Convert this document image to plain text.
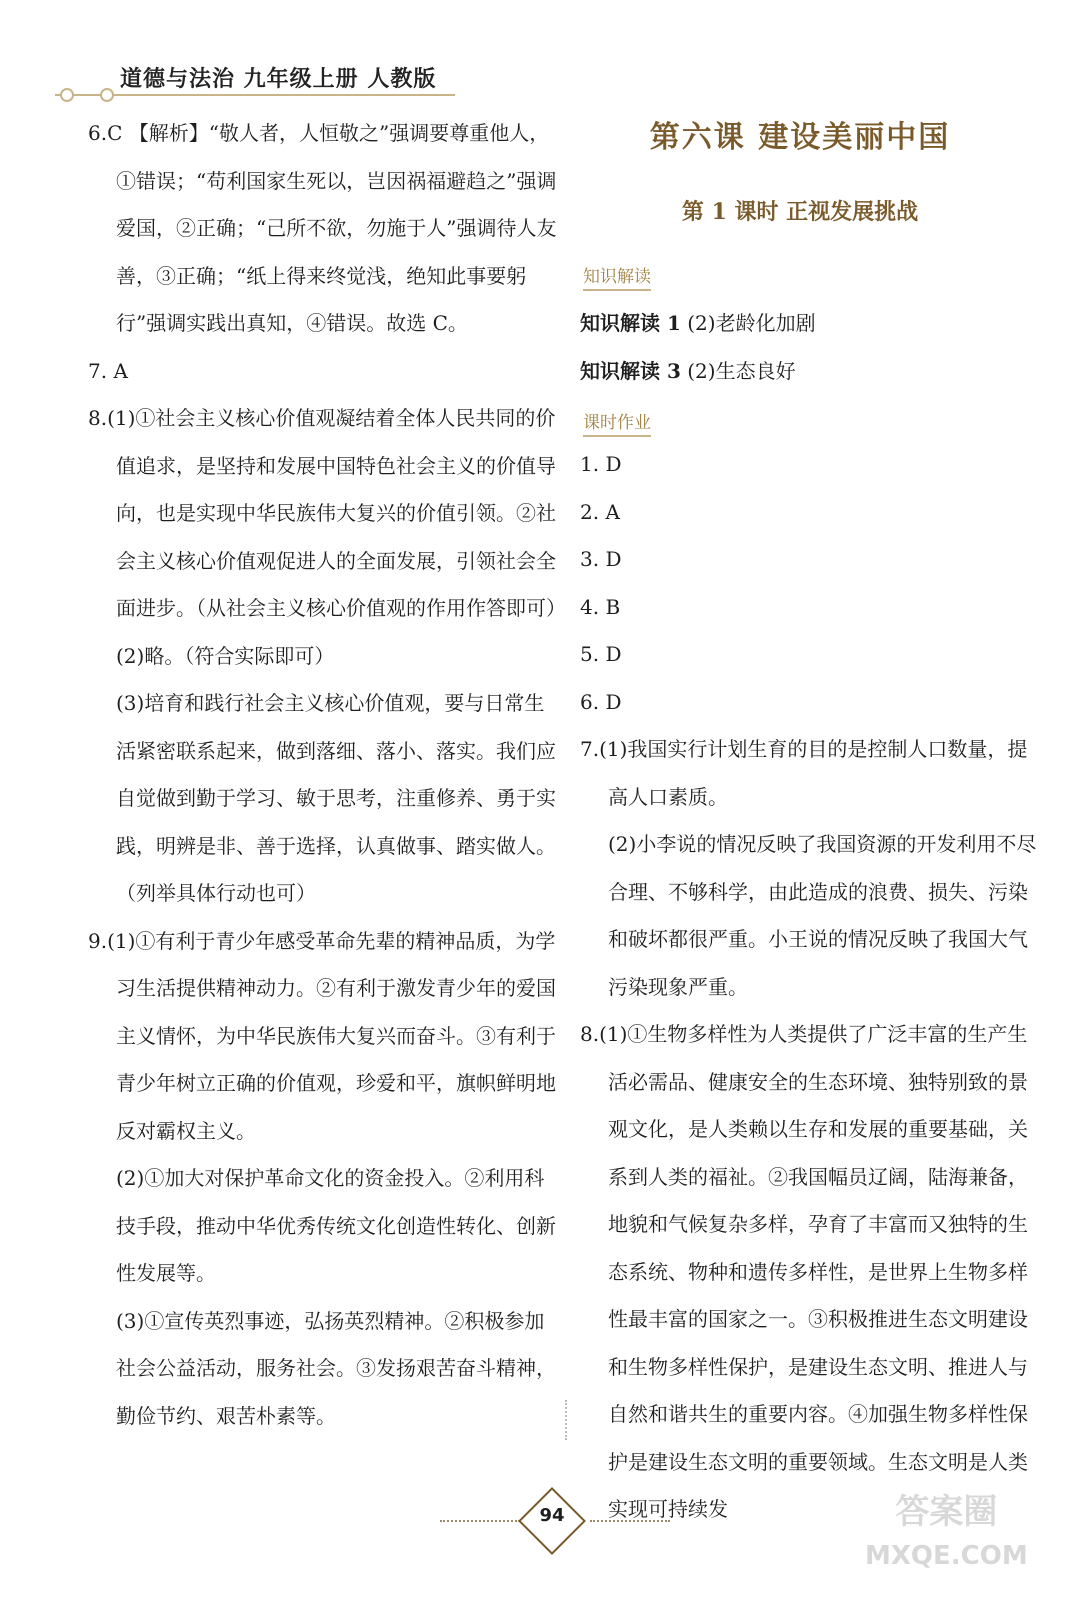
道德与法治 九年级上册 人教版

6.C 【解析】“敬人者，人恒敬之”强调要尊重他人，①错误；“苟利国家生死以，岂因祸福避趋之”强调爱国，②正确；“己所不欲，勿施于人”强调待人友善，③正确；“纸上得来终觉浅，绝知此事要躬行”强调实践出真知，④错误。故选 C。

7. A

8.(1)①社会主义核心价值观凝结着全体人民共同的价值追求，是坚持和发展中国特色社会主义的价值导向，也是实现中华民族伟大复兴的价值引领。②社会主义核心价值观促进人的全面发展，引领社会全面进步。（从社会主义核心价值观的作用作答即可）

(2)略。（符合实际即可）

(3)培育和践行社会主义核心价值观，要与日常生活紧密联系起来，做到落细、落小、落实。我们应自觉做到勤于学习、敏于思考，注重修养、勇于实践，明辨是非、善于选择，认真做事、踏实做人。（列举具体行动也可）

9.(1)①有利于青少年感受革命先辈的精神品质，为学习生活提供精神动力。②有利于激发青少年的爱国主义情怀，为中华民族伟大复兴而奋斗。③有利于青少年树立正确的价值观，珍爱和平，旗帜鲜明地反对霸权主义。

(2)①加大对保护革命文化的资金投入。②利用科技手段，推动中华优秀传统文化创造性转化、创新性发展等。

(3)①宣传英烈事迹，弘扬英烈精神。②积极参加社会公益活动，服务社会。③发扬艰苦奋斗精神，勤俭节约、艰苦朴素等。

第六课 建设美丽中国
第 1 课时 正视发展挑战
知识解读

知识解读 1 (2)老龄化加剧

知识解读 3 (2)生态良好

课时作业

1. D

2. A

3. D

4. B

5. D

6. D

7.(1)我国实行计划生育的目的是控制人口数量，提高人口素质。

(2)小李说的情况反映了我国资源的开发利用不尽合理、不够科学，由此造成的浪费、损失、污染和破坏都很严重。小王说的情况反映了我国大气污染现象严重。

8.(1)①生物多样性为人类提供了广泛丰富的生产生活必需品、健康安全的生态环境、独特别致的景观文化，是人类赖以生存和发展的重要基础，关系到人类的福祉。②我国幅员辽阔，陆海兼备，地貌和气候复杂多样，孕育了丰富而又独特的生态系统、物种和遗传多样性，是世界上生物多样性最丰富的国家之一。③积极推进生态文明建设和生物多样性保护，是建设生态文明、推进人与自然和谐共生的重要内容。④加强生物多样性保护是建设生态文明的重要领域。生态文明是人类实现可持续发

94	答案圈
MXQE.COM
